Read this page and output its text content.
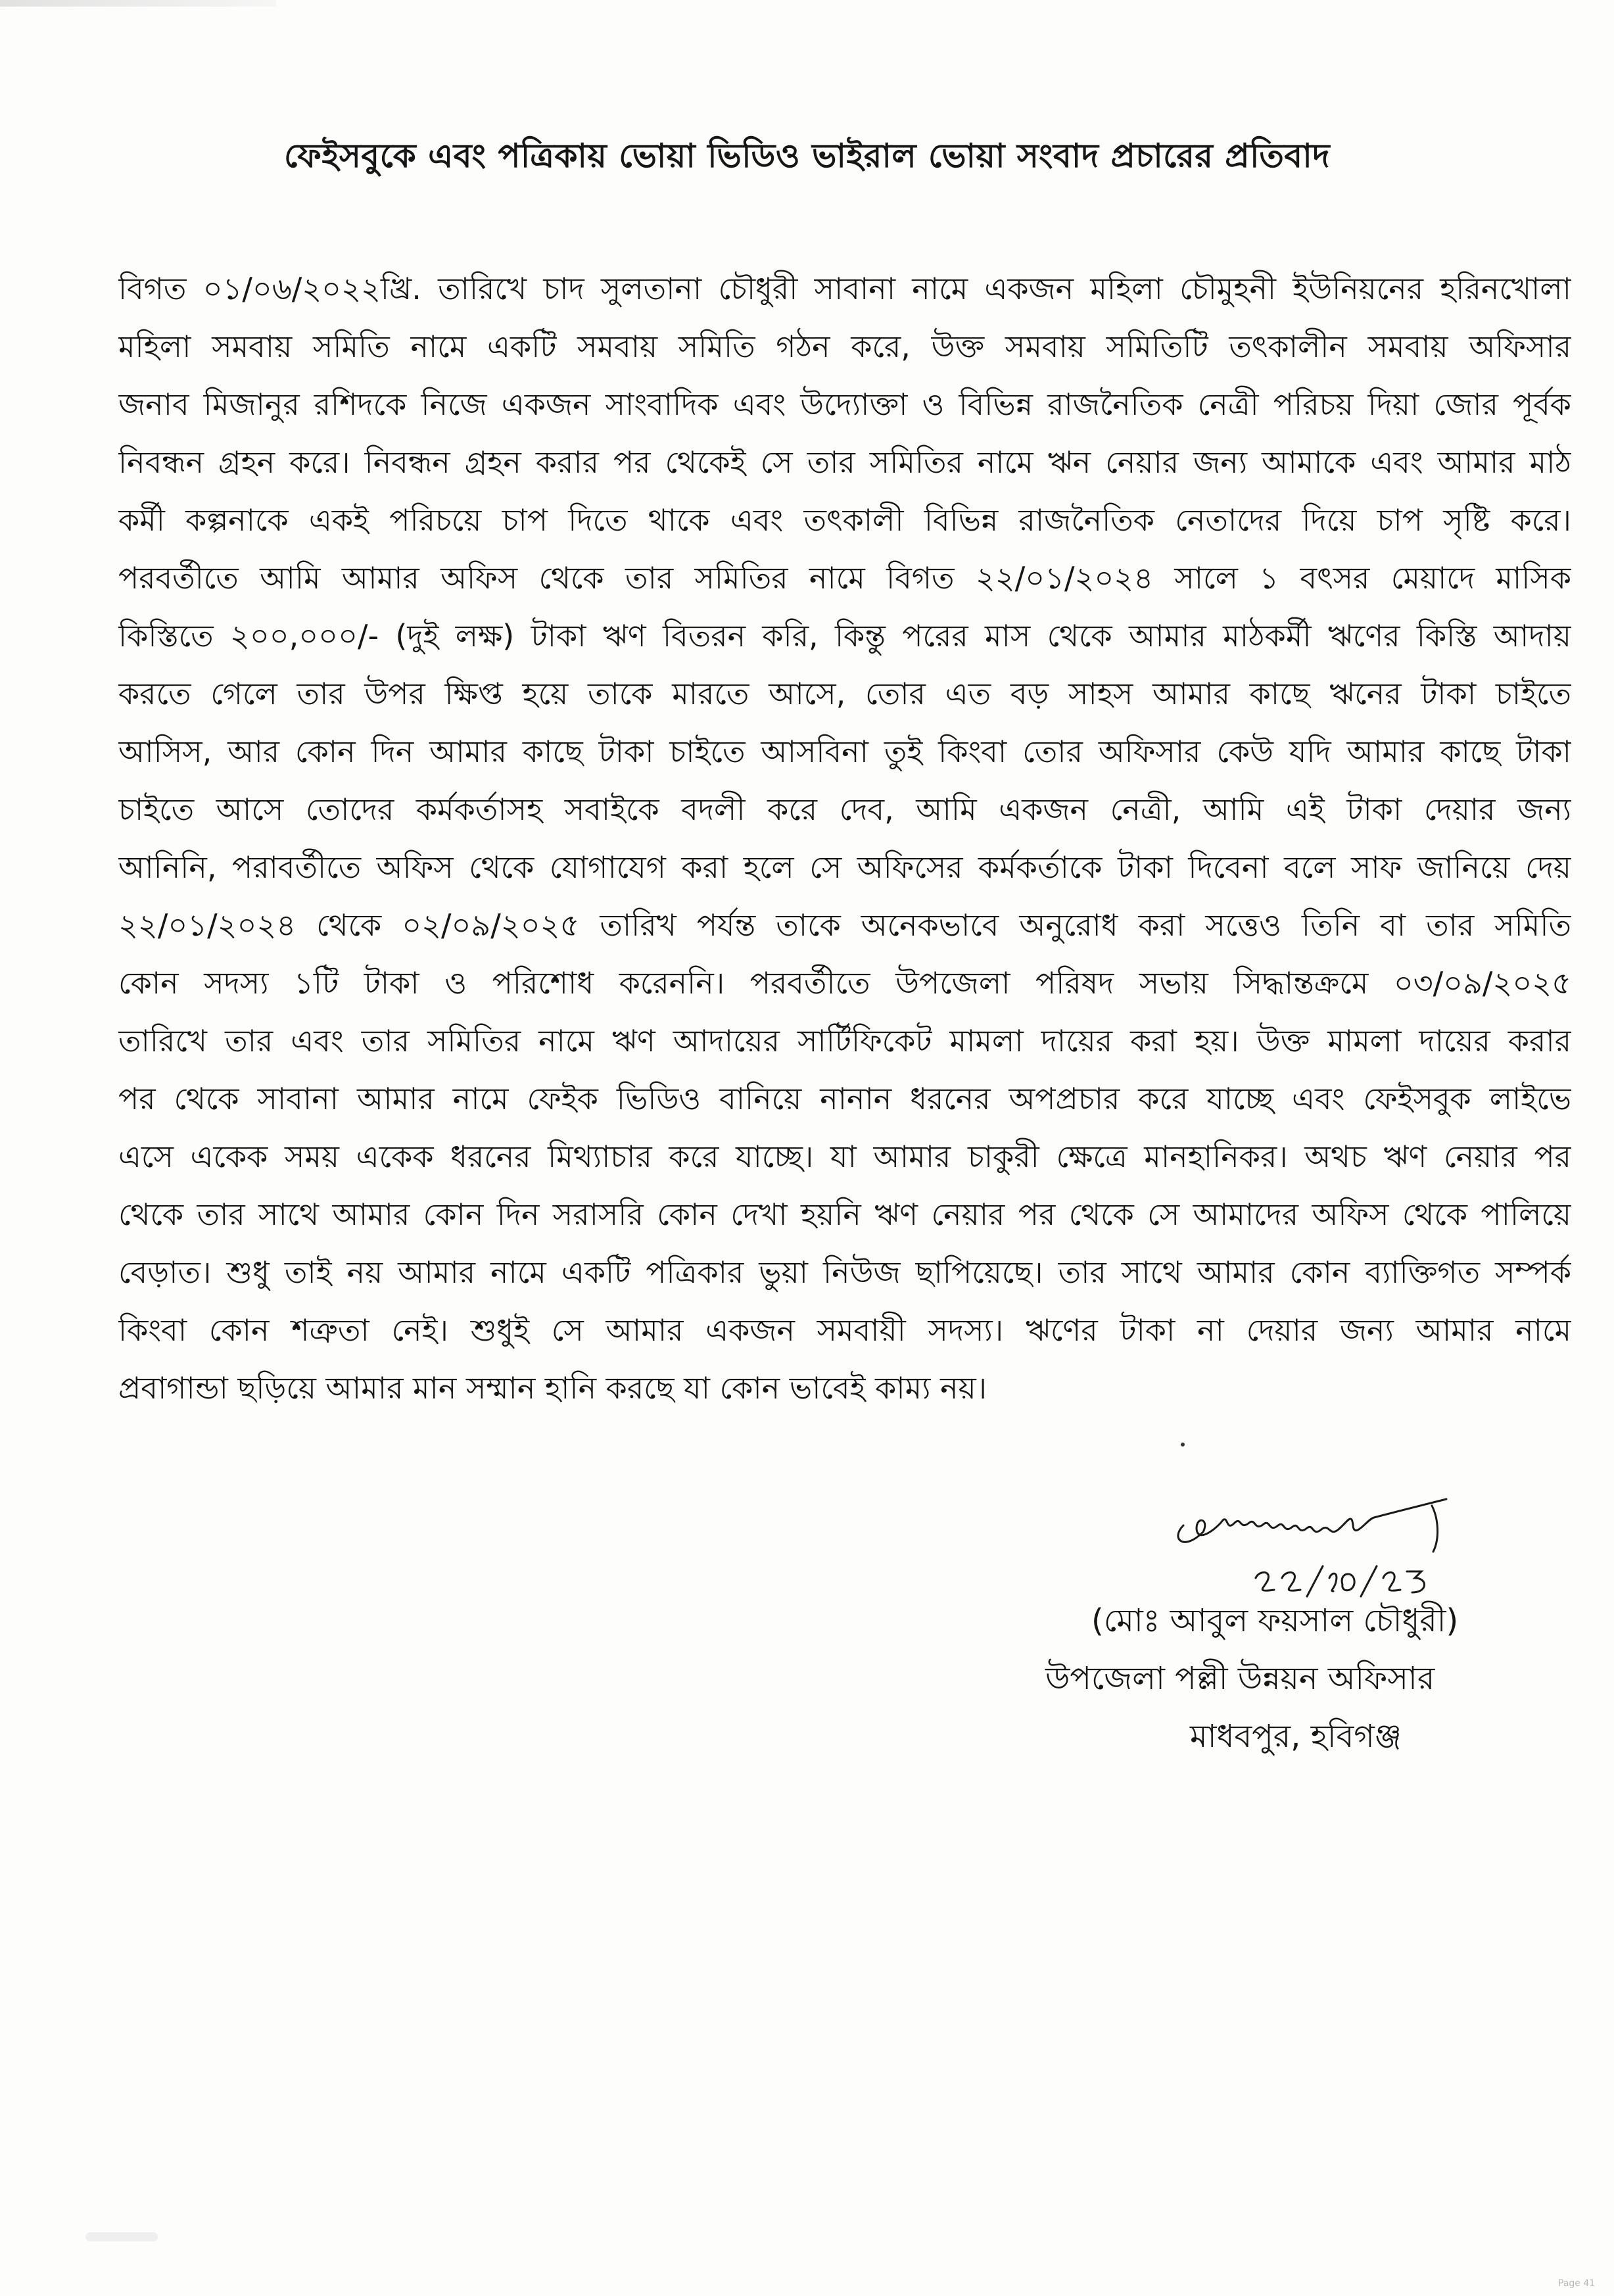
ফেইসবুকে এবং পত্রিকায় ভোয়া ভিডিও ভাইরাল ভোয়া সংবাদ প্রচারের প্রতিবাদ
বিগত ০১/০৬/২০২২খ্রি. তারিখে চাদ সুলতানা চৌধুরী সাবানা নামে একজন মহিলা চৌমুহনী ইউনিয়নের হরিনখোলা
মহিলা সমবায় সমিতি নামে একটি সমবায় সমিতি গঠন করে, উক্ত সমবায় সমিতিটি তৎকালীন সমবায় অফিসার
জনাব মিজানুর রশিদকে নিজে একজন সাংবাদিক এবং উদ্যোক্তা ও বিভিন্ন রাজনৈতিক নেত্রী পরিচয় দিয়া জোর পূর্বক
নিবন্ধন গ্রহন করে। নিবন্ধন গ্রহন করার পর থেকেই সে তার সমিতির নামে ঋন নেয়ার জন্য আমাকে এবং আমার মাঠ
কর্মী কল্পনাকে একই পরিচয়ে চাপ দিতে থাকে এবং তৎকালী বিভিন্ন রাজনৈতিক নেতাদের দিয়ে চাপ সৃষ্টি করে।
পরবর্তীতে আমি আমার অফিস থেকে তার সমিতির নামে বিগত ২২/০১/২০২৪ সালে ১ বৎসর মেয়াদে মাসিক
কিস্তিতে ২০০,০০০/- (দুই লক্ষ) টাকা ঋণ বিতরন করি, কিন্তু পরের মাস থেকে আমার মাঠকর্মী ঋণের কিস্তি আদায়
করতে গেলে তার উপর ক্ষিপ্ত হয়ে তাকে মারতে আসে, তোর এত বড় সাহস আমার কাছে ঋনের টাকা চাইতে
আসিস, আর কোন দিন আমার কাছে টাকা চাইতে আসবিনা তুই কিংবা তোর অফিসার কেউ যদি আমার কাছে টাকা
চাইতে আসে তোদের কর্মকর্তাসহ সবাইকে বদলী করে দেব, আমি একজন নেত্রী, আমি এই টাকা দেয়ার জন্য
আনিনি, পরাবর্তীতে অফিস থেকে যোগাযেগ করা হলে সে অফিসের কর্মকর্তাকে টাকা দিবেনা বলে সাফ জানিয়ে দেয়
২২/০১/২০২৪ থেকে ০২/০৯/২০২৫ তারিখ পর্যন্ত তাকে অনেকভাবে অনুরোধ করা সত্তেও তিনি বা তার সমিতি
কোন সদস্য ১টি টাকা ও পরিশোধ করেননি। পরবর্তীতে উপজেলা পরিষদ সভায় সিদ্ধান্তক্রমে ০৩/০৯/২০২৫
তারিখে তার এবং তার সমিতির নামে ঋণ আদায়ের সার্টিফিকেট মামলা দায়ের করা হয়। উক্ত মামলা দায়ের করার
পর থেকে সাবানা আমার নামে ফেইক ভিডিও বানিয়ে নানান ধরনের অপপ্রচার করে যাচ্ছে এবং ফেইসবুক লাইভে
এসে একেক সময় একেক ধরনের মিথ্যাচার করে যাচ্ছে। যা আমার চাকুরী ক্ষেত্রে মানহানিকর। অথচ ঋণ নেয়ার পর
থেকে তার সাথে আমার কোন দিন সরাসরি কোন দেখা হয়নি ঋণ নেয়ার পর থেকে সে আমাদের অফিস থেকে পালিয়ে
বেড়াত। শুধু তাই নয় আমার নামে একটি পত্রিকার ভুয়া নিউজ ছাপিয়েছে। তার সাথে আমার কোন ব্যাক্তিগত সম্পর্ক
কিংবা কোন শত্রুতা নেই। শুধুই সে আমার একজন সমবায়ী সদস্য। ঋণের টাকা না দেয়ার জন্য আমার নামে
প্রবাগান্ডা ছড়িয়ে আমার মান সম্মান হানি করছে যা কোন ভাবেই কাম্য নয়।
(মোঃ আবুল ফয়সাল চৌধুরী)
উপজেলা পল্লী উন্নয়ন অফিসার
মাধবপুর, হবিগঞ্জ
Page 41
